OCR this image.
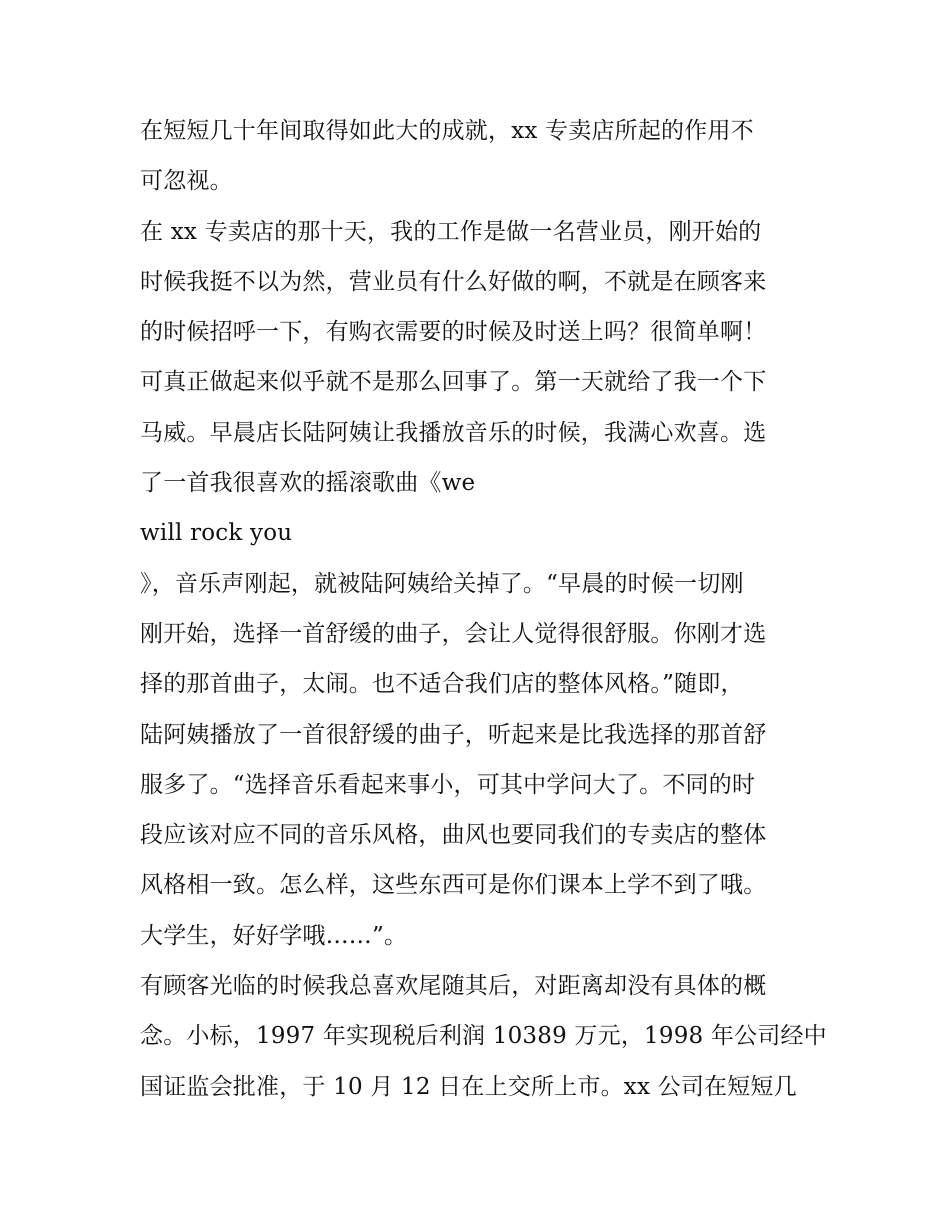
在短短几十年间取得如此大的成就，xx 专卖店所起的作用不
可忽视。
在 xx 专卖店的那十天，我的工作是做一名营业员，刚开始的
时候我挺不以为然，营业员有什么好做的啊，不就是在顾客来
的时候招呼一下，有购衣需要的时候及时送上吗？很简单啊！
可真正做起来似乎就不是那么回事了。第一天就给了我一个下
马威。早晨店长陆阿姨让我播放音乐的时候，我满心欢喜。选
了一首我很喜欢的摇滚歌曲《we
will rock you
》，音乐声刚起，就被陆阿姨给关掉了。“早晨的时候一切刚
刚开始，选择一首舒缓的曲子，会让人觉得很舒服。你刚才选
择的那首曲子，太闹。也不适合我们店的整体风格。”随即，
陆阿姨播放了一首很舒缓的曲子，听起来是比我选择的那首舒
服多了。“选择音乐看起来事小，可其中学问大了。不同的时
段应该对应不同的音乐风格，曲风也要同我们的专卖店的整体
风格相一致。怎么样，这些东西可是你们课本上学不到了哦。
大学生，好好学哦……”。
有顾客光临的时候我总喜欢尾随其后，对距离却没有具体的概
念。小标，1997 年实现税后利润 10389 万元，1998 年公司经中
国证监会批准，于 10 月 12 日在上交所上市。xx 公司在短短几
